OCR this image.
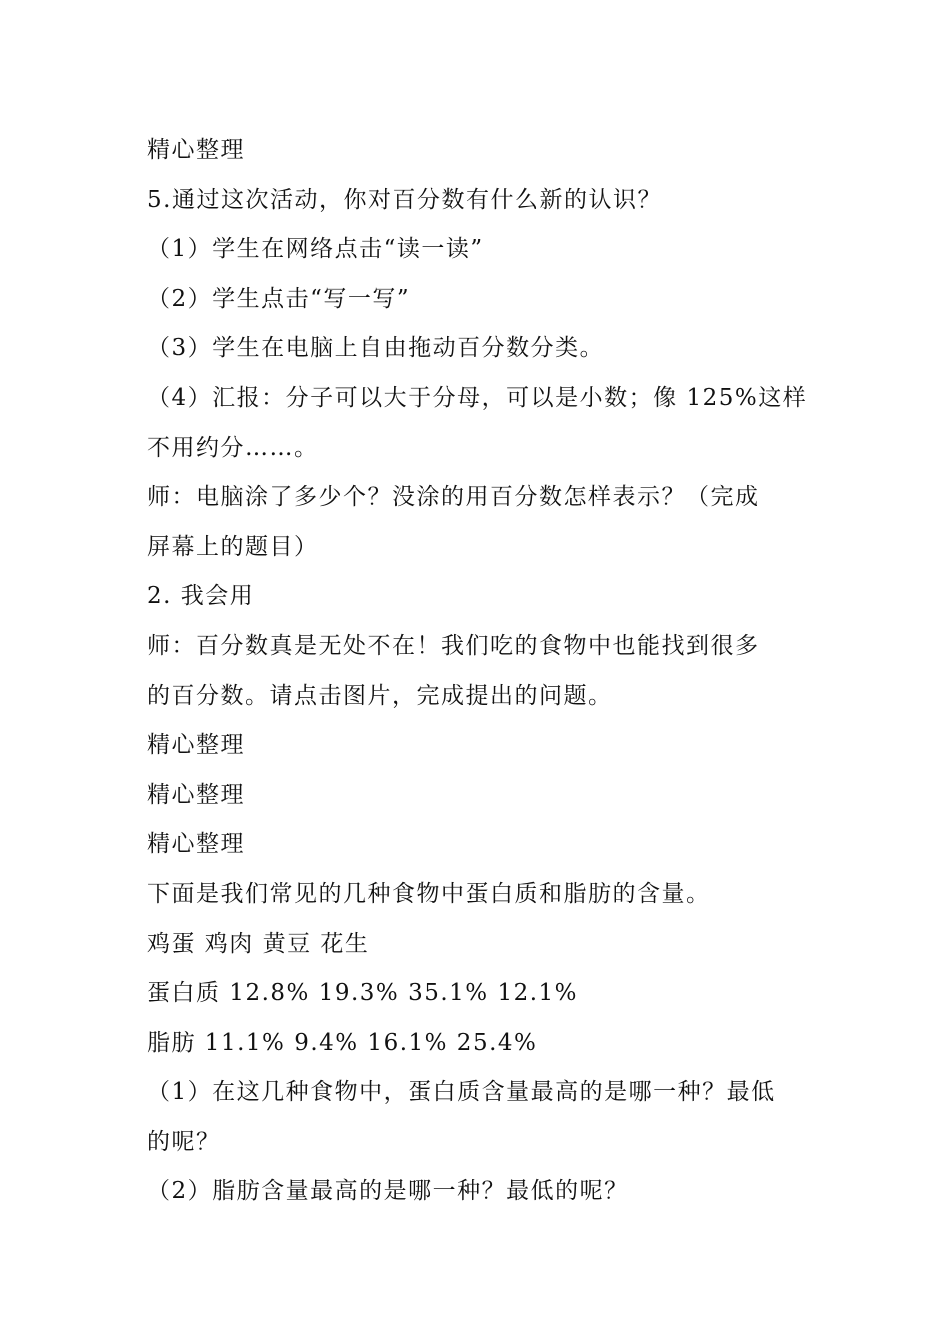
精心整理
5.通过这次活动，你对百分数有什么新的认识？
（1）学生在网络点击“读一读”
（2）学生点击“写一写”
（3）学生在电脑上自由拖动百分数分类。
（4）汇报：分子可以大于分母，可以是小数；像 125%这样
不用约分……。
师：电脑涂了多少个？没涂的用百分数怎样表示？（完成
屏幕上的题目）
2. 我会用
师：百分数真是无处不在！我们吃的食物中也能找到很多
的百分数。请点击图片，完成提出的问题。
精心整理
精心整理
精心整理
下面是我们常见的几种食物中蛋白质和脂肪的含量。
鸡蛋 鸡肉 黄豆 花生
蛋白质 12.8% 19.3% 35.1% 12.1%
脂肪 11.1% 9.4% 16.1% 25.4%
（1）在这几种食物中，蛋白质含量最高的是哪一种？最低
的呢？
（2）脂肪含量最高的是哪一种？最低的呢？
